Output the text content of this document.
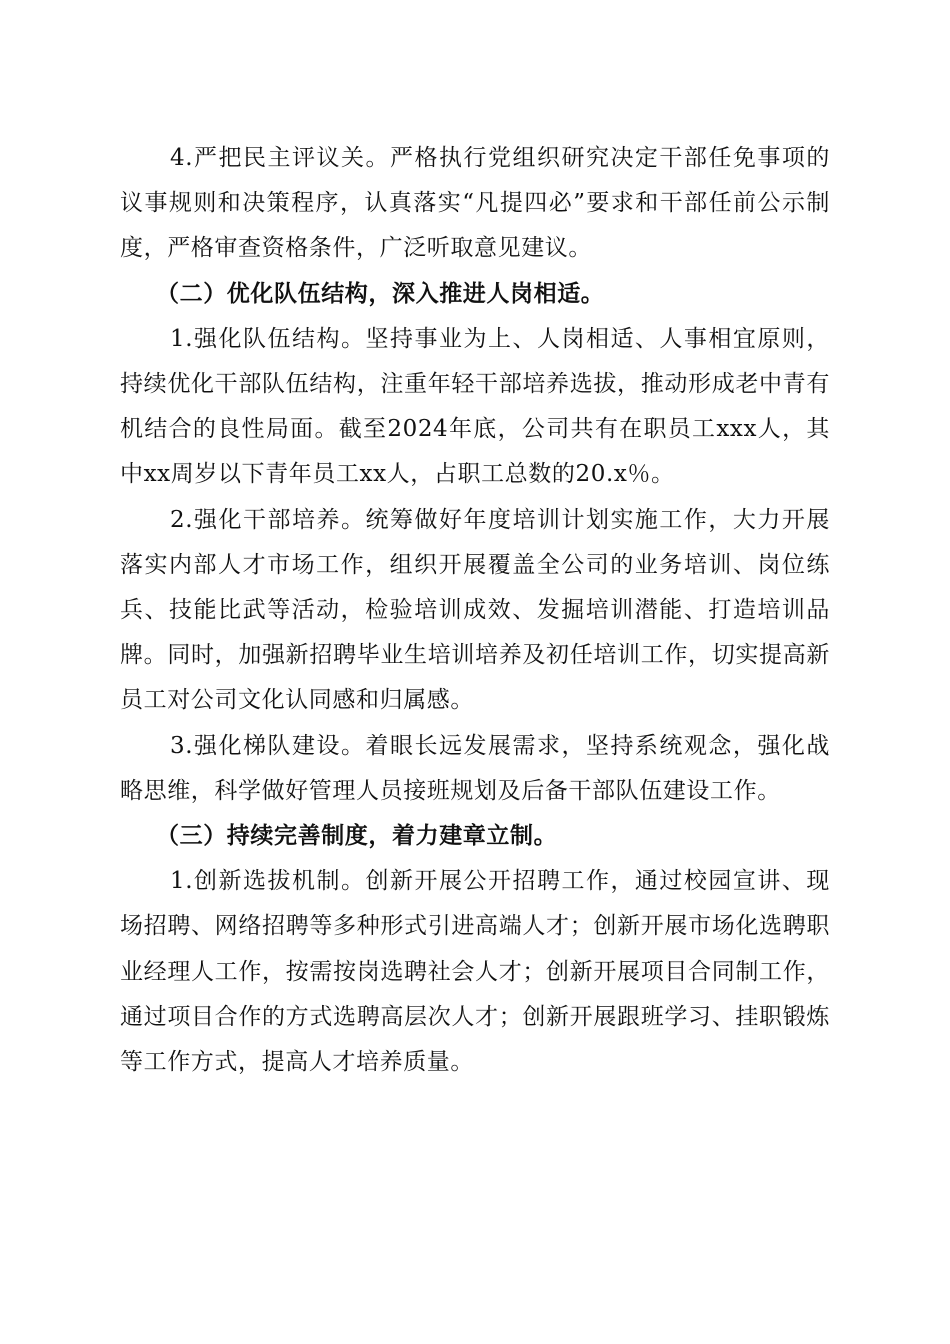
4.严把民主评议关。严格执行党组织研究决定干部任免事项的议事规则和决策程序，认真落实“凡提四必”要求和干部任前公示制度，严格审查资格条件，广泛听取意见建议。

（二）优化队伍结构，深入推进人岗相适。

1.强化队伍结构。坚持事业为上、人岗相适、人事相宜原则，持续优化干部队伍结构，注重年轻干部培养选拔，推动形成老中青有机结合的良性局面。截至2024年底，公司共有在职员工xxx人，其中xx周岁以下青年员工xx人，占职工总数的20.x％。

2.强化干部培养。统筹做好年度培训计划实施工作，大力开展落实内部人才市场工作，组织开展覆盖全公司的业务培训、岗位练兵、技能比武等活动，检验培训成效、发掘培训潜能、打造培训品牌。同时，加强新招聘毕业生培训培养及初任培训工作，切实提高新员工对公司文化认同感和归属感。

3.强化梯队建设。着眼长远发展需求，坚持系统观念，强化战略思维，科学做好管理人员接班规划及后备干部队伍建设工作。

（三）持续完善制度，着力建章立制。

1.创新选拔机制。创新开展公开招聘工作，通过校园宣讲、现场招聘、网络招聘等多种形式引进高端人才；创新开展市场化选聘职业经理人工作，按需按岗选聘社会人才；创新开展项目合同制工作，通过项目合作的方式选聘高层次人才；创新开展跟班学习、挂职锻炼等工作方式，提高人才培养质量。
